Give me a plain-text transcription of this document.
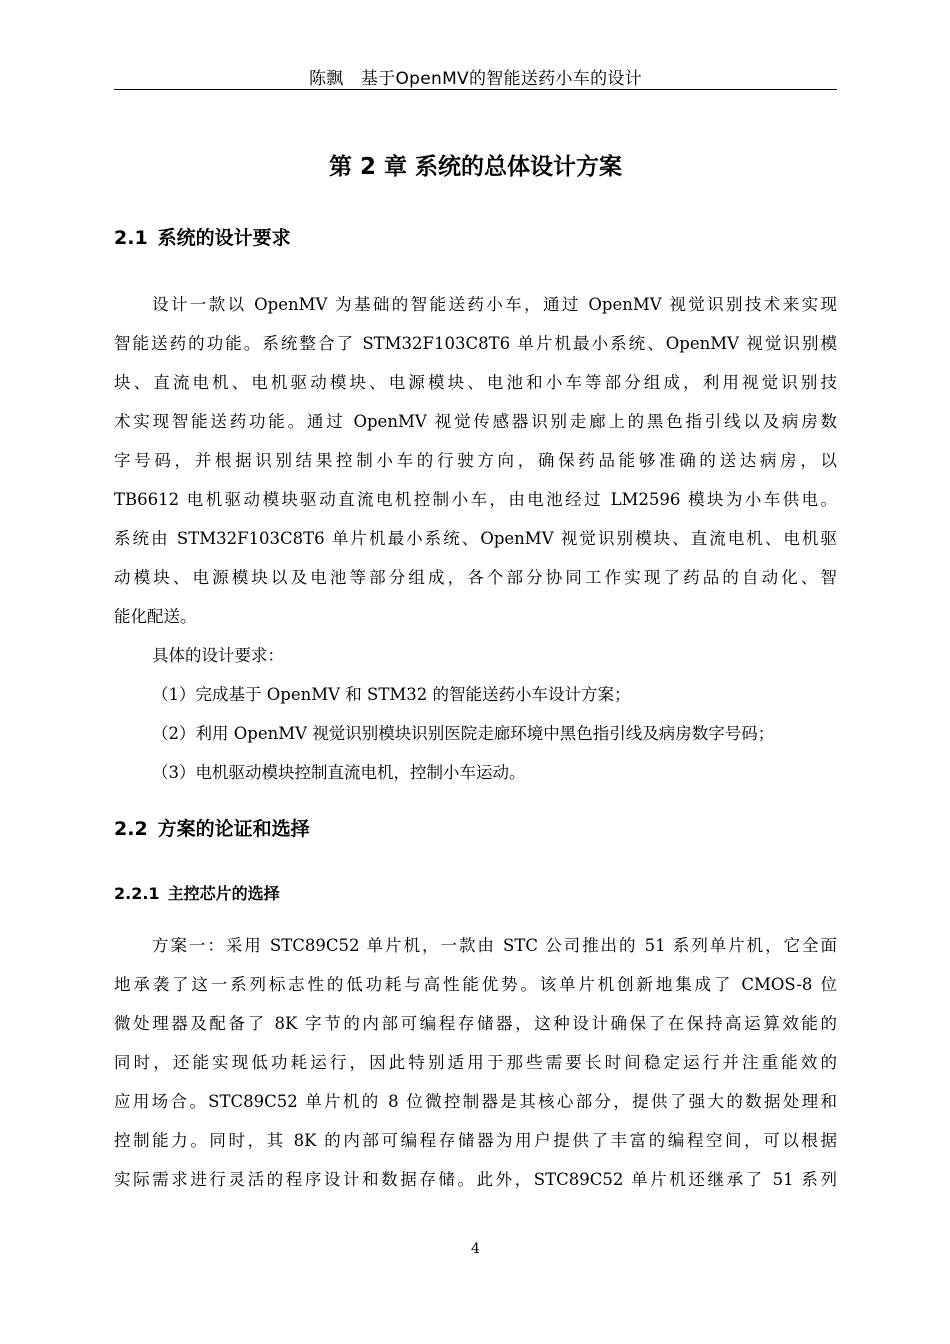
陈飘　基于OpenMV的智能送药小车的设计
第 2 章 系统的总体设计方案
2.1 系统的设计要求
设计一款以 OpenMV 为基础的智能送药小车，通过 OpenMV 视觉识别技术来实现
智能送药的功能。系统整合了 STM32F103C8T6 单片机最小系统、OpenMV 视觉识别模
块、直流电机、电机驱动模块、电源模块、电池和小车等部分组成，利用视觉识别技
术实现智能送药功能。通过 OpenMV 视觉传感器识别走廊上的黑色指引线以及病房数
字号码，并根据识别结果控制小车的行驶方向，确保药品能够准确的送达病房，以
TB6612 电机驱动模块驱动直流电机控制小车，由电池经过 LM2596 模块为小车供电。
系统由 STM32F103C8T6 单片机最小系统、OpenMV 视觉识别模块、直流电机、电机驱
动模块、电源模块以及电池等部分组成，各个部分协同工作实现了药品的自动化、智
能化配送。
具体的设计要求：
（1）完成基于 OpenMV 和 STM32 的智能送药小车设计方案；
（2）利用 OpenMV 视觉识别模块识别医院走廊环境中黑色指引线及病房数字号码；
（3）电机驱动模块控制直流电机，控制小车运动。
2.2 方案的论证和选择
2.2.1 主控芯片的选择
方案一：采用 STC89C52 单片机，一款由 STC 公司推出的 51 系列单片机，它全面
地承袭了这一系列标志性的低功耗与高性能优势。该单片机创新地集成了 CMOS-8 位
微处理器及配备了 8K 字节的内部可编程存储器，这种设计确保了在保持高运算效能的
同时，还能实现低功耗运行，因此特别适用于那些需要长时间稳定运行并注重能效的
应用场合。STC89C52 单片机的 8 位微控制器是其核心部分，提供了强大的数据处理和
控制能力。同时，其 8K 的内部可编程存储器为用户提供了丰富的编程空间，可以根据
实际需求进行灵活的程序设计和数据存储。此外，STC89C52 单片机还继承了 51 系列
4
